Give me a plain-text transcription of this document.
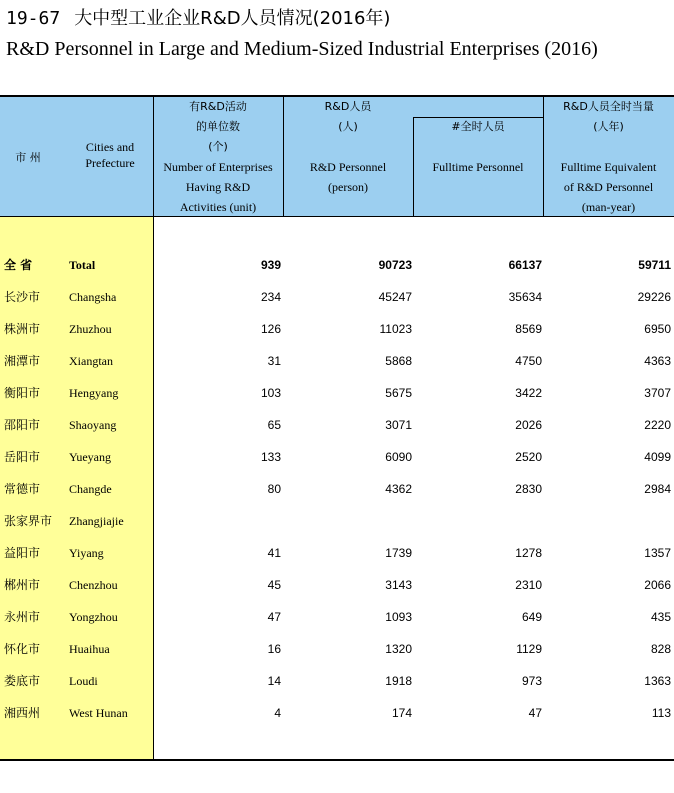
19-67 大中型工业企业R&D人员情况(2016年)
R&D Personnel in Large and Medium-Sized Industrial Enterprises (2016)
市 州
Cities and
Prefecture
有R&D活动
的单位数
(个)
Number of Enterprises
Having R&D
Activities (unit)
R&D人员
(人)
R&D Personnel
(person)
#全时人员
Fulltime Personnel
R&D人员全时当量
(人年)
Fulltime Equivalent
of R&D Personnel
(man-year)
全 省	Total	939	90723	66137	59711
长沙市 Changsha	234	45247	35634	29226
株洲市 Zhuzhou	126	11023	8569	6950
湘潭市 Xiangtan	31	5868	4750	4363
衡阳市 Hengyang	103	5675	3422	3707
邵阳市 Shaoyang	65	3071	2026	2220
岳阳市 Yueyang	133	6090	2520	4099
常德市 Changde	80	4362	2830	2984
张家界市 Zhangjiajie
益阳市 Yiyang	41	1739	1278	1357
郴州市 Chenzhou	45	3143	2310	2066
永州市 Yongzhou	47	1093	649	435
怀化市 Huaihua	16	1320	1129	828
娄底市 Loudi	14	1918	973	1363
湘西州 West Hunan	4	174	47	113
